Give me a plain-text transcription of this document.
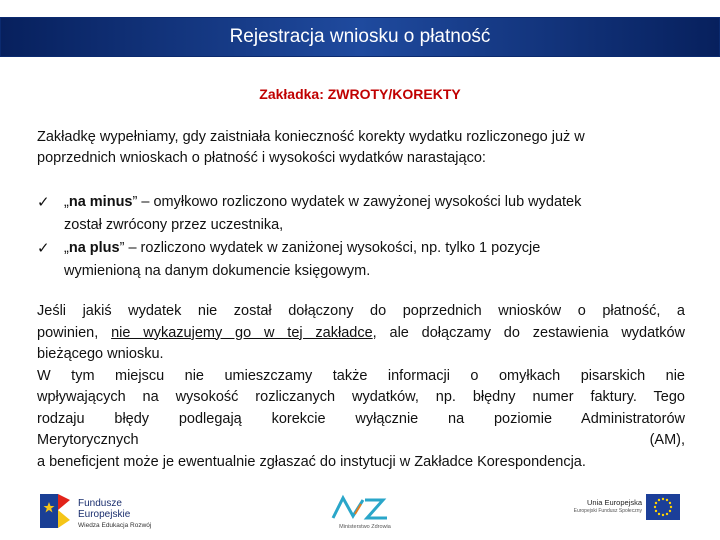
Rejestracja wniosku o płatność
Zakładka: ZWROTY/KOREKTY
Zakładkę wypełniamy, gdy zaistniała konieczność korekty wydatku rozliczonego już w
poprzednich wnioskach o płatność i wysokości wydatków narastająco:
✓ „na minus” – omyłkowo rozliczono wydatek w zawyżonej wysokości lub wydatek
został zwrócony przez uczestnika,
✓ „na plus” – rozliczono wydatek w zaniżonej wysokości, np. tylko 1 pozycje
wymienioną na danym dokumencie księgowym.
Jeśli jakiś wydatek nie został dołączony do poprzednich wniosków o płatność, a
powinien, nie wykazujemy go w tej zakładce, ale dołączamy do zestawienia wydatków
bieżącego wniosku.
W tym miejscu nie umieszczamy także informacji o omyłkach pisarskich nie
wpływających na wysokość rozliczanych wydatków, np. błędny numer faktury. Tego
rodzaju błędy podlegają korekcie wyłącznie na poziomie Administratorów
Merytorycznych	(AM),
a beneficjent może je ewentualnie zgłaszać do instytucji w Zakładce Korespondencja.
Fundusze
Europejskie
Wiedza Edukacja Rozwój	Ministerstwo Zdrowia
Unia Europejska
Europejski Fundusz Społeczny
